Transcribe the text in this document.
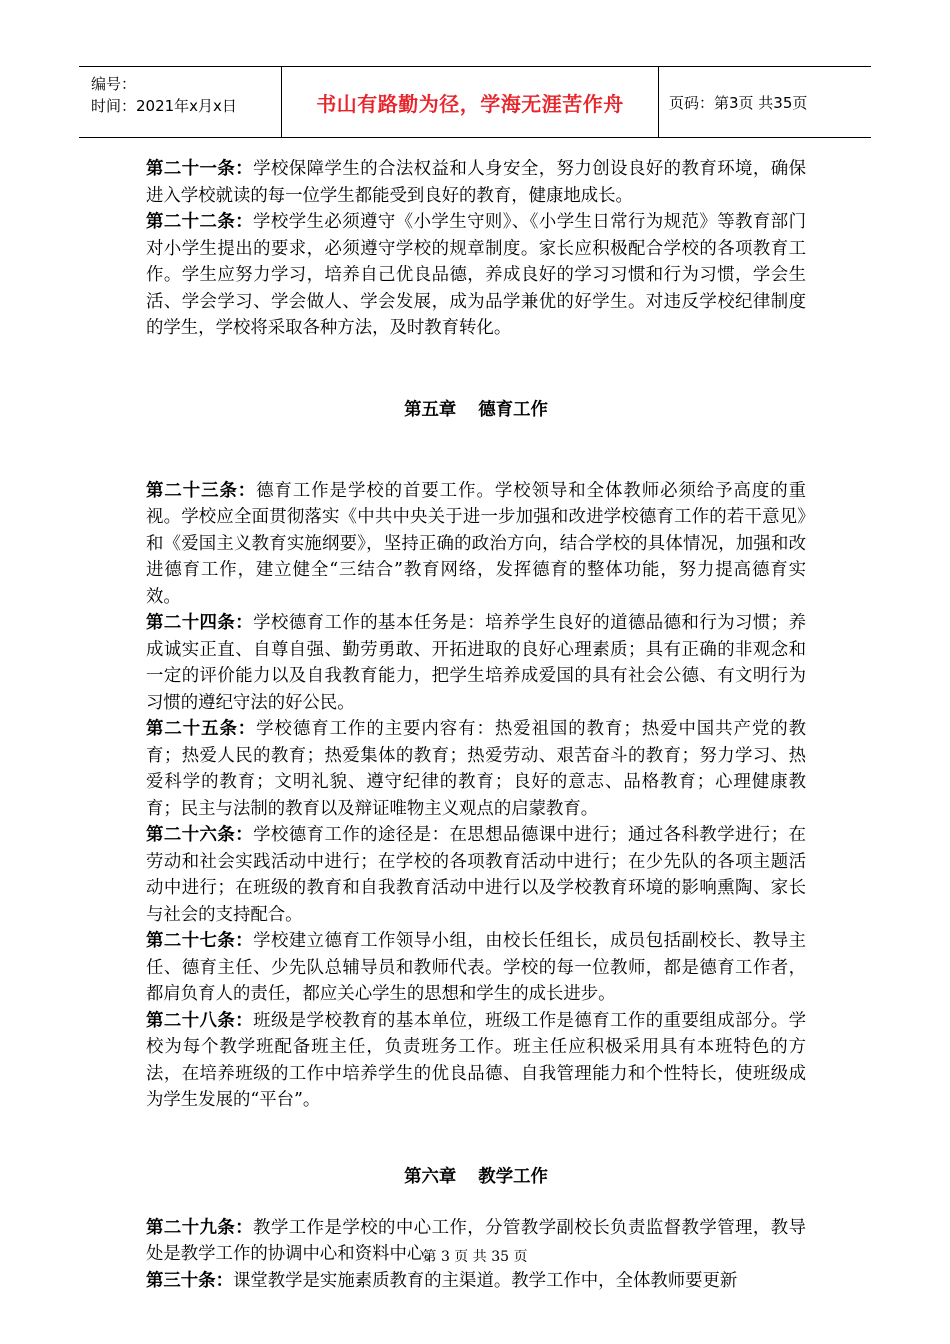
编号：
时间：2021年x月x日	书山有路勤为径，学海无涯苦作舟	页码：第3页 共35页

第二十一条：学校保障学生的合法权益和人身安全，努力创设良好的教育环境，确保进入学校就读的每一位学生都能受到良好的教育，健康地成长。

第二十二条：学校学生必须遵守《小学生守则》、《小学生日常行为规范》等教育部门对小学生提出的要求，必须遵守学校的规章制度。家长应积极配合学校的各项教育工作。学生应努力学习，培养自己优良品德，养成良好的学习习惯和行为习惯，学会生活、学会学习、学会做人、学会发展，成为品学兼优的好学生。对违反学校纪律制度的学生，学校将采取各种方法，及时教育转化。

第五章 德育工作

第二十三条：德育工作是学校的首要工作。学校领导和全体教师必须给予高度的重视。学校应全面贯彻落实《中共中央关于进一步加强和改进学校德育工作的若干意见》和《爱国主义教育实施纲要》，坚持正确的政治方向，结合学校的具体情况，加强和改进德育工作，建立健全“三结合”教育网络，发挥德育的整体功能，努力提高德育实效。

第二十四条：学校德育工作的基本任务是：培养学生良好的道德品德和行为习惯；养成诚实正直、自尊自强、勤劳勇敢、开拓进取的良好心理素质；具有正确的非观念和一定的评价能力以及自我教育能力，把学生培养成爱国的具有社会公德、有文明行为习惯的遵纪守法的好公民。

第二十五条：学校德育工作的主要内容有：热爱祖国的教育；热爱中国共产党的教育；热爱人民的教育；热爱集体的教育；热爱劳动、艰苦奋斗的教育；努力学习、热爱科学的教育；文明礼貌、遵守纪律的教育；良好的意志、品格教育；心理健康教育；民主与法制的教育以及辩证唯物主义观点的启蒙教育。

第二十六条：学校德育工作的途径是：在思想品德课中进行；通过各科教学进行；在劳动和社会实践活动中进行；在学校的各项教育活动中进行；在少先队的各项主题活动中进行；在班级的教育和自我教育活动中进行以及学校教育环境的影响熏陶、家长与社会的支持配合。

第二十七条：学校建立德育工作领导小组，由校长任组长，成员包括副校长、教导主任、德育主任、少先队总辅导员和教师代表。学校的每一位教师，都是德育工作者，都肩负育人的责任，都应关心学生的思想和学生的成长进步。

第二十八条：班级是学校教育的基本单位，班级工作是德育工作的重要组成部分。学校为每个教学班配备班主任，负责班务工作。班主任应积极采用具有本班特色的方法，在培养班级的工作中培养学生的优良品德、自我管理能力和个性特长，使班级成为学生发展的“平台”。

第六章 教学工作

第二十九条：教学工作是学校的中心工作，分管教学副校长负责监督教学管理，教导处是教学工作的协调中心和资料中心。

第三十条：课堂教学是实施素质教育的主渠道。教学工作中，全体教师要更新

第 3 页 共 35 页
